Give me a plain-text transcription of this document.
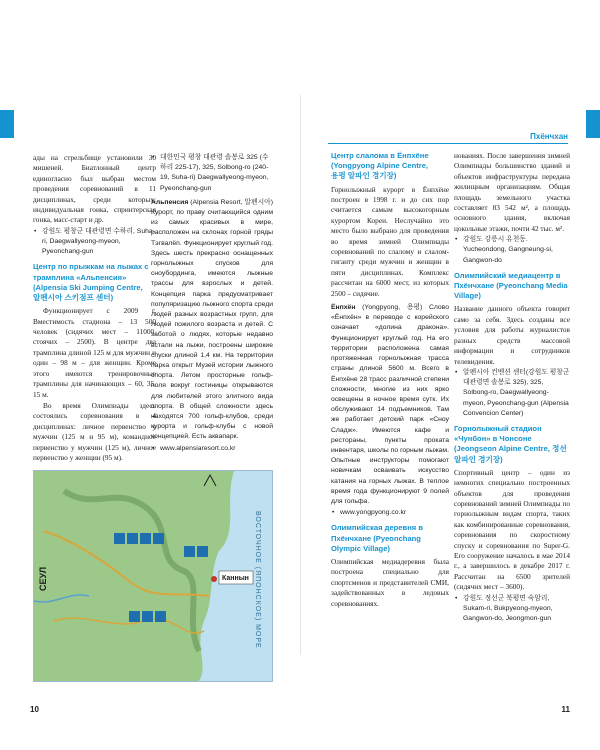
Пхёнчхан

ады на стрельбище установили 30 мишеней. Биатлонный центр единогласно был выбран местом проведения соревнований в 11 дисциплинах, среди которых: индивидуальная гонка, спринтерская гонка, масс-старт и др.

• 강원도 평창군 대관령면 수하리, Suha-ri, Daegwallyeong-myeon, Pyeonchang-gun
Центр по прыжкам на лыжах с трамплина «Альпенсия»
(Alpensia Ski Jumping Centre,
알펜시아 스키점프 센터)

Функционирует с 2009 г. Вместимость стадиона – 13 500 человек (сидячих мест – 11000, стоячих – 2500). В центре два трамплина длиной 125 м для мужчин и один – 98 м – для женщин. Кроме этого имеются тренировочные трамплины для начинающих – 60, 35, 15 м.

Во время Олимпиады здесь состоялись соревнования в 4 дисциплинах: личное первенство у мужчин (125 м и 95 м), командное первенство у мужчин (125 м), личное первенство у женщин (95 м).

• 대한민국 평창 대관령 솔봉로 325 (수하리 225-17), 325, Solbong-ro (240-19, Suha-ri) Daegwallyeong-myeon, Pyeonchang-gun

Альпенсия (Alpensia Resort, 알펜시아) Курорт, по праву считающийся одним из самых красивых в мире, расположен на склонах горной гряды Тэгвалёп. Функционирует круглый год. Здесь шесть прекрасно оснащенных горнолыжных спусков для сноубординга, имеются лыжные трассы для взрослых и детей. Концепция парка предусматривает популяризацию лыжного спорта среди людей разных возрастных групп, для людей пожилого возраста и детей. С заботой о людях, которые недавно встали на лыжи, построены широкие спуски длиной 1,4 км. На территории парка открыт Музей истории лыжного спорта. Летом просторные гольф-поля вокруг гостиницы открываются для любителей этого элитного вида спорта. В общей сложности здесь находятся 700 гольф-клубов, среди курорта и гольф-клубы с новой концепцией. Есть аквапарк.

• www.alpensiaresort.co.kr
Каннын
СЕУЛ	ВОСТОЧНОЕ (ЯПОНСКОЕ) МОРЕ
Центр слалома в Ёнпхёне
(Yongpyong Alpine Centre,
용평 알파인 경기장)

Горнолыжный курорт в Ёнпхёне построен в 1998 г. и до сих пор считается самым высокогорным курортом Кореи. Неслучайно это место было выбрано для проведения во время зимней Олимпиады соревнований по слалому и слалом-гиганту среди мужчин и женщин в пяти дисциплинах. Комплекс рассчитан на 6000 мест, из которых 2500 – сидячие.

Ёнпхён (Yongpyong, 용평) Слово «Ёнпхён» в переводе с корейского означает «долина дракона». Функционирует круглый год. На его территории расположена самая протяженная горнолыжная трасса страны длиной 5600 м. Всего в Ёнпхёне 28 трасс различной степени сложности, многие из них ярко освещены в ночное время сутк. Их обслуживают 14 подъемников. Там же работает детский парк «Сноу Сладж». Имеются кафе и рестораны, пункты проката инвентаря, школы по горным лыжам. Опытные инструкторы помогают новичкам осваивать искусство катания на горных лыжах. В теплое время года функционируют 9 полей для гольфа.

• www.yongpyong.co.kr
Олимпийская деревня в Пхёнчхане (Pyeonchang Olympic Village)

Олимпийская медиадеревня была построена специально для спортсменов и представителей СМИ, задействованных в ледовых соревнованиях.

нованиях. После завершения зимней Олимпиады большинство зданий и объектов инфраструктуры передана жилищным организациям. Общая площадь земельного участка составляет 83 542 м², а площадь основного здания, включая цокольные этажи, почти 42 тыс. м².

• 강원도 강릉시 유천동. Yucheondong, Gangneung-si, Gangwon-do
Олимпийский медиацентр в Пхёнчхане (Pyeonchang Media Village)

Название данного объекта говорит само за себя. Здесь созданы все условия для работы журналистов разных средств массовой информации и сотрудников телевидения.

• 알펜시아 컨벤션 센터(강원도 평창군 대관령면 솔봉로 325), 325, Solbong-ro, Daegwallyeong-myeon, Pyeonchang-gun (Alpensia Convencion Center)
Горнолыжный стадион «Чунбон» в Чонсоне (Jeongseon Alpine Centre, 정선 알파인 경기장)

Спортивный центр – один из немногих специально построенных объектов для проведения соревнований зимней Олимпиады по горнолыжным видам спорта, таких как комбинированные соревнования, соревнования по скоростному спуску и соревнования по Super-G. Его сооружение началось в мае 2014 г., а завершилось в декабре 2017 г. Рассчитан на 6500 зрителей (сидячих мест – 3600).

• 강원도 정선군 북평면 숙암리, Sukam-ri, Bukpyeong-myeon, Gangwon-do, Jeongmon-gun
10	11
